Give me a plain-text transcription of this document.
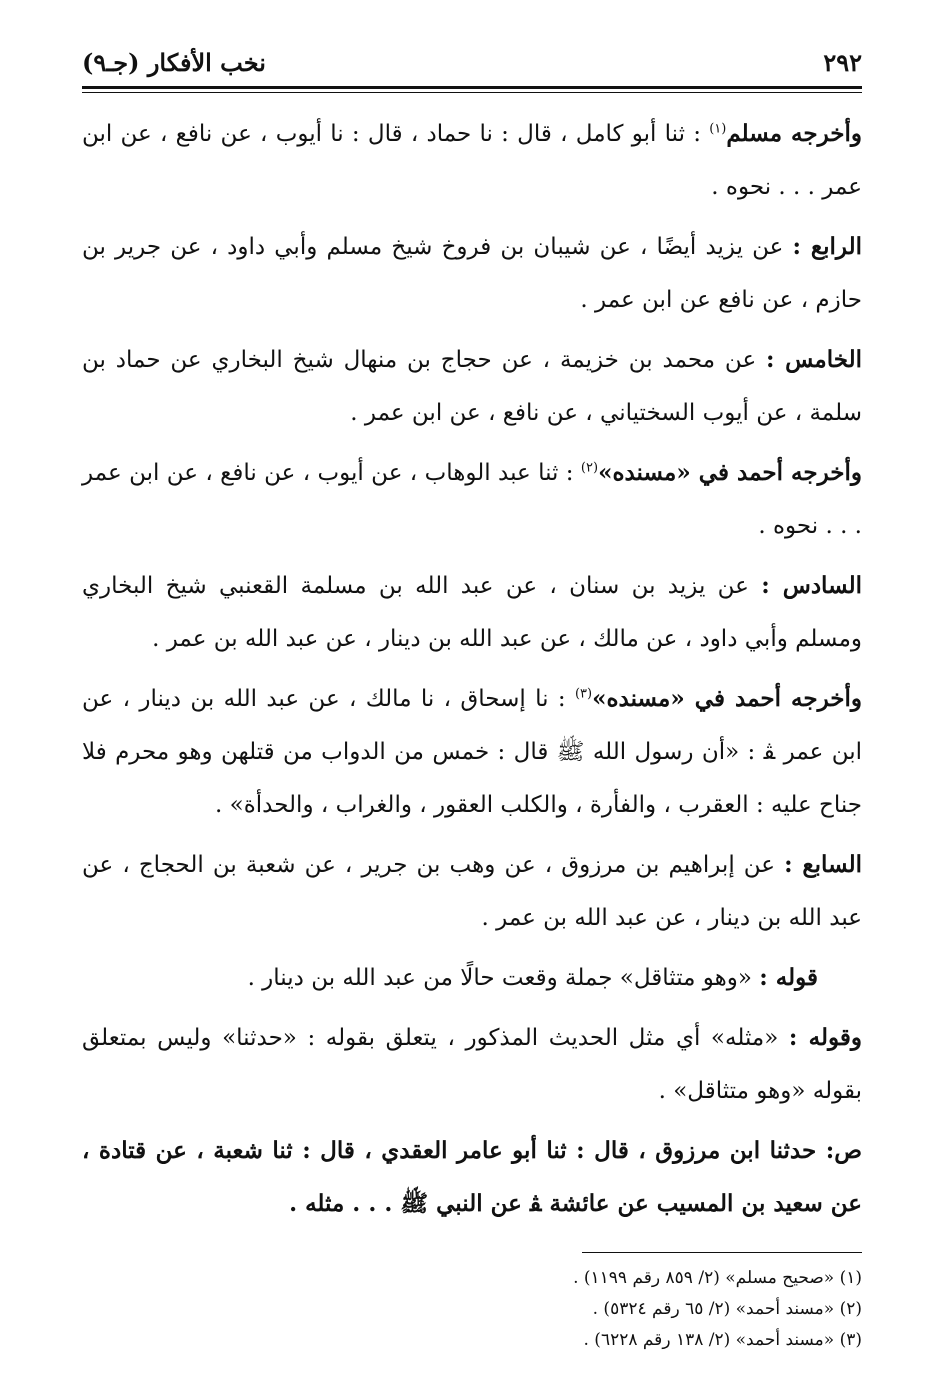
٢٩٢
نخب الأفكار (جـ٩)

وأخرجه مسلم$^{(١)}$ : ثنا أبو كامل ، قال : نا حماد ، قال : نا أيوب ، عن نافع ، عن ابن عمر . . . نحوه .

الرابع : عن يزيد أيضًا ، عن شيبان بن فروخ شيخ مسلم وأبي داود ، عن جرير بن حازم ، عن نافع عن ابن عمر .

الخامس : عن محمد بن خزيمة ، عن حجاج بن منهال شيخ البخاري عن حماد بن سلمة ، عن أيوب السختياني ، عن نافع ، عن ابن عمر .

وأخرجه أحمد في «مسنده»$^{(٢)}$ : ثنا عبد الوهاب ، عن أيوب ، عن نافع ، عن ابن عمر . . . نحوه .

السادس : عن يزيد بن سنان ، عن عبد الله بن مسلمة القعنبي شيخ البخاري ومسلم وأبي داود ، عن مالك ، عن عبد الله بن دينار ، عن عبد الله بن عمر .

وأخرجه أحمد في «مسنده»$^{(٣)}$ : نا إسحاق ، نا مالك ، عن عبد الله بن دينار ، عن ابن عمر ﭭ : «أن رسول الله ﷺ قال : خمس من الدواب من قتلهن وهو محرم فلا جناح عليه : العقرب ، والفأرة ، والكلب العقور ، والغراب ، والحدأة» .

السابع : عن إبراهيم بن مرزوق ، عن وهب بن جرير ، عن شعبة بن الحجاج ، عن عبد الله بن دينار ، عن عبد الله بن عمر .

قوله : «وهو متثاقل» جملة وقعت حالًا من عبد الله بن دينار .

وقوله : «مثله» أي مثل الحديث المذكور ، يتعلق بقوله : «حدثنا» وليس بمتعلق بقوله «وهو متثاقل» .

ص: حدثنا ابن مرزوق ، قال : ثنا أبو عامر العقدي ، قال : ثنا شعبة ، عن قتادة ، عن سعيد بن المسيب عن عائشة ﭭ عن النبي ﷺ . . . مثله .

(١) «صحيح مسلم» (٢/ ٨٥٩ رقم ١١٩٩) .

(٢) «مسند أحمد» (٢/ ٦٥ رقم ٥٣٢٤) .

(٣) «مسند أحمد» (٢/ ١٣٨ رقم ٦٢٢٨) .
